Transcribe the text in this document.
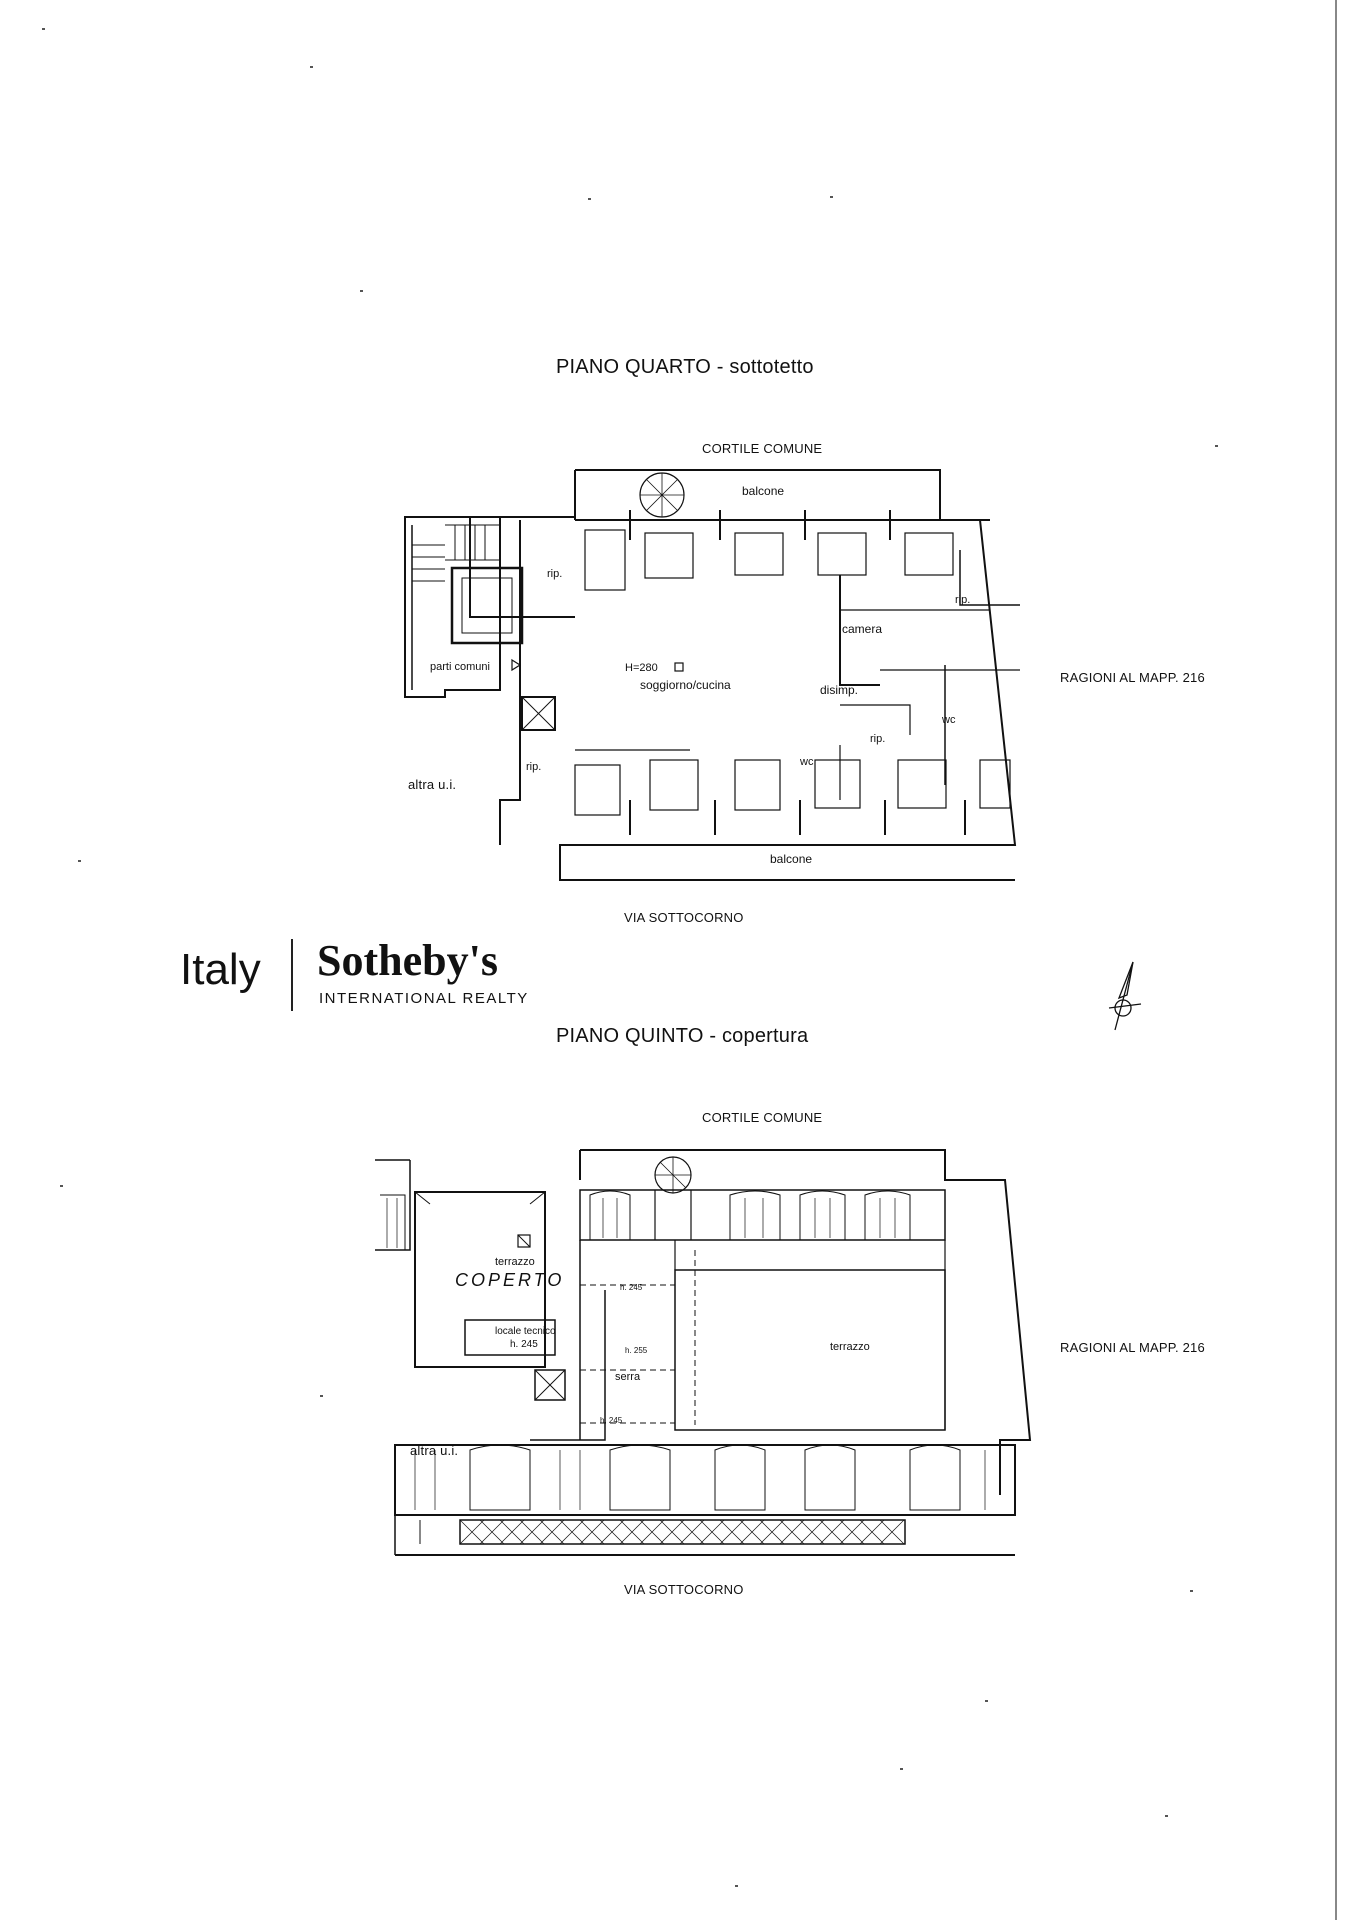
PIANO QUARTO - sottotetto
CORTILE COMUNE
RAGIONI AL MAPP. 216
altra u.i.
VIA SOTTOCORNO
balcone
rip.
rip.
camera
parti comuni	H=280
soggiorno/cucina	disimp.
wc
rip.
wc
rip.
balcone
Italy Sotheby's
INTERNATIONAL REALTY
PIANO QUINTO - copertura
CORTILE COMUNE
RAGIONI AL MAPP. 216
altra u.i.
VIA SOTTOCORNO
terrazzo
COPERTO
locale tecnico
h. 245
h. 245
h. 255
serra
h. 245
terrazzo
